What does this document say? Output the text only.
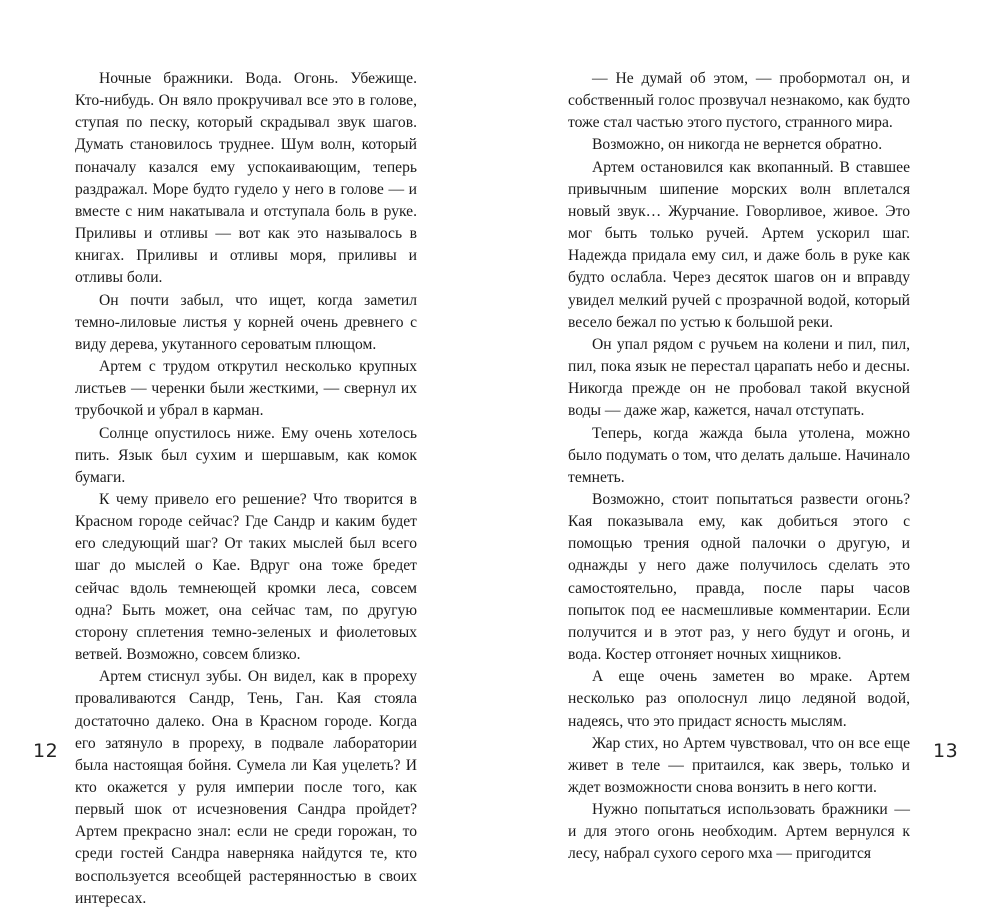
Ночные бражники. Вода. Огонь. Убежище. Кто-нибудь. Он вяло прокручивал все это в голове, ступая по песку, который скрадывал звук шагов. Думать становилось труднее. Шум волн, который поначалу казался ему успокаивающим, теперь раздражал. Море будто гудело у него в голове — и вместе с ним накатывала и отступала боль в руке. Приливы и отливы — вот как это называлось в книгах. Приливы и отливы моря, приливы и отливы боли.

Он почти забыл, что ищет, когда заметил темно-лиловые листья у корней очень древнего с виду дерева, укутанного сероватым плющом.

Артем с трудом открутил несколько крупных листьев — черенки были жесткими, — свернул их трубочкой и убрал в карман.

Солнце опустилось ниже. Ему очень хотелось пить. Язык был сухим и шершавым, как комок бумаги.

К чему привело его решение? Что творится в Красном городе сейчас? Где Сандр и каким будет его следующий шаг? От таких мыслей был всего шаг до мыслей о Кае. Вдруг она тоже бредет сейчас вдоль темнеющей кромки леса, совсем одна? Быть может, она сейчас там, по другую сторону сплетения темно-зеленых и фиолетовых ветвей. Возможно, совсем близко.

Артем стиснул зубы. Он видел, как в прореху проваливаются Сандр, Тень, Ган. Кая стояла достаточно далеко. Она в Красном городе. Когда его затянуло в прореху, в подвале лаборатории была настоящая бойня. Сумела ли Кая уцелеть? И кто окажется у руля империи после того, как первый шок от исчезновения Сандра пройдет? Артем прекрасно знал: если не среди горожан, то среди гостей Сандра наверняка найдутся те, кто воспользуется всеобщей растерянностью в своих интересах.

— Не думай об этом, — пробормотал он, и собственный голос прозвучал незнакомо, как будто тоже стал частью этого пустого, странного мира.

Возможно, он никогда не вернется обратно.

Артем остановился как вкопанный. В ставшее привычным шипение морских волн вплетался новый звук… Журчание. Говорливое, живое. Это мог быть только ручей. Артем ускорил шаг. Надежда придала ему сил, и даже боль в руке как будто ослабла. Через десяток шагов он и вправду увидел мелкий ручей с прозрачной водой, который весело бежал по устью к большой реки.

Он упал рядом с ручьем на колени и пил, пил, пил, пока язык не перестал царапать небо и десны. Никогда прежде он не пробовал такой вкусной воды — даже жар, кажется, начал отступать.

Теперь, когда жажда была утолена, можно было подумать о том, что делать дальше. Начинало темнеть.

Возможно, стоит попытаться развести огонь? Кая показывала ему, как добиться этого с помощью трения одной палочки о другую, и однажды у него даже получилось сделать это самостоятельно, правда, после пары часов попыток под ее насмешливые комментарии. Если получится и в этот раз, у него будут и огонь, и вода. Костер отгоняет ночных хищников.

А еще очень заметен во мраке. Артем несколько раз ополоснул лицо ледяной водой, надеясь, что это придаст ясность мыслям.

Жар стих, но Артем чувствовал, что он все еще живет в теле — притаился, как зверь, только и ждет возможности снова вонзить в него когти.

Нужно попытаться использовать бражники — и для этого огонь необходим. Артем вернулся к лесу, набрал сухого серого мха — пригодится

12	13
